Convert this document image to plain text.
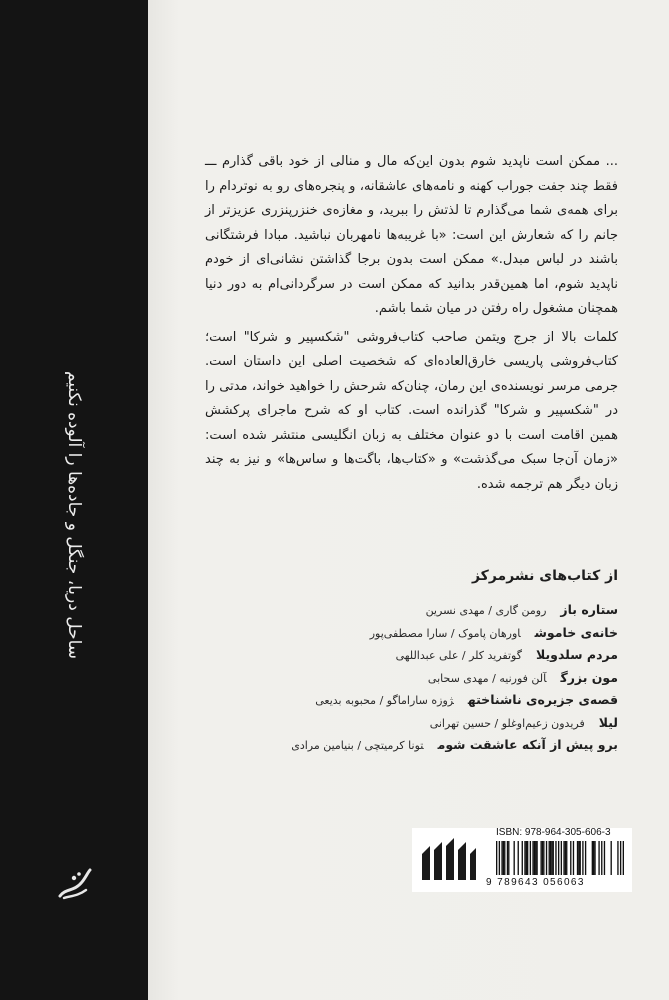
ساحل دریا، جنگل و جاده‌ها را آلوده نکنیم

... ممکن است ناپدید شوم بدون این‌که مال و منالی از خود باقی گذارم ـــ فقط چند جفت جوراب کهنه و نامه‌های عاشقانه، و پنجره‌های رو به نوتردام را برای همه‌ی شما می‌گذارم تا لذتش را ببرید، و مغازه‌ی خنزرپنزری عزیزتر از جانم را که شعارش این است: «با غریبه‌ها نامهربان نباشید. مبادا فرشتگانی باشند در لباس مبدل.» ممکن است بدون برجا گذاشتن نشانی‌ای از خودم ناپدید شوم، اما همین‌قدر بدانید که ممکن است در سرگردانی‌ام به دور دنیا همچنان مشغول راه رفتن در میان شما باشم.

کلمات بالا از جرج ویتمن صاحب کتاب‌فروشی "شکسپیر و شرکا" است؛ کتاب‌فروشی پاریسی خارق‌العاده‌ای که شخصیت اصلی این داستان است. جرمی مرسر نویسنده‌ی این رمان، چنان‌که شرحش را خواهید خواند، مدتی را در "شکسپیر و شرکا" گذرانده است. کتاب او که شرح ماجرای پرکشش همین اقامت است با دو عنوان مختلف به زبان انگلیسی منتشر شده است: «زمان آن‌جا سبک می‌گذشت» و «کتاب‌ها، باگت‌ها و ساس‌ها» و نیز به چند زبان دیگر هم ترجمه شده.

از کتاب‌های نشرمرکز
ستاره بازرومن گاری / مهدی نسرین
خانه‌ی خاموشاورهان پاموک / سارا مصطفی‌پور
مردم سلدویلاگوتفرید کلر / علی عبداللهی
مون بزرگآلن فورنیه / مهدی سحابی
قصه‌ی جزیره‌ی ناشناختهژوزه ساراماگو / محبوبه بدیعی
لیلافریدون زعیم‌اوغلو / حسین تهرانی
برو پیش از آنکه عاشقت شومتونا کرمیتچی / بنیامین مرادی
ISBN: 978-964-305-606-3
9 789643 056063
